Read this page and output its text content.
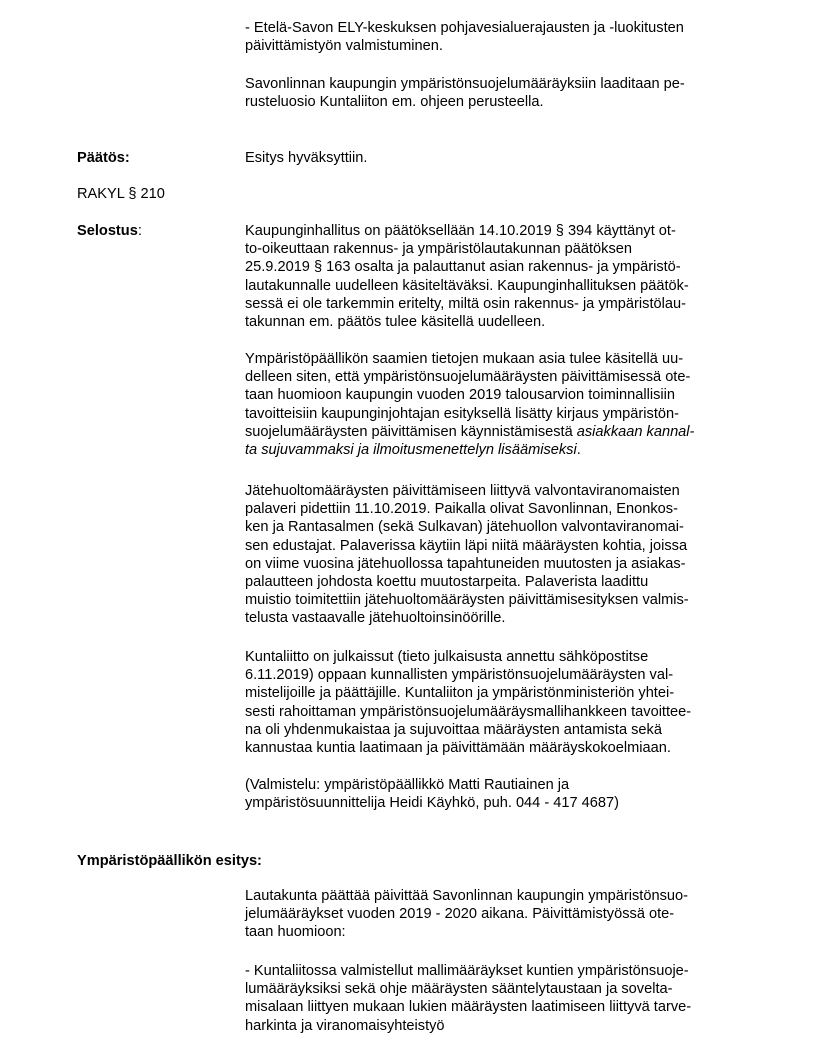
- Etelä-Savon ELY-keskuksen pohjavesialuerajausten ja -luokitusten
päivittämistyön valmistuminen.
Savonlinnan kaupungin ympäristönsuojelumääräyksiin laaditaan pe-
rusteluosio Kuntaliiton em. ohjeen perusteella.
Päätös:	Esitys hyväksyttiin.
RAKYL § 210
Selostus:	Kaupunginhallitus on päätöksellään 14.10.2019 § 394 käyttänyt ot-
to-oikeuttaan rakennus- ja ympäristölautakunnan päätöksen
25.9.2019 § 163 osalta ja palauttanut asian rakennus- ja ympäristö-
lautakunnalle uudelleen käsiteltäväksi. Kaupunginhallituksen päätök-
sessä ei ole tarkemmin eritelty, miltä osin rakennus- ja ympäristölau-
takunnan em. päätös tulee käsitellä uudelleen.
Ympäristöpäällikön saamien tietojen mukaan asia tulee käsitellä uu-
delleen siten, että ympäristönsuojelumääräysten päivittämisessä ote-
taan huomioon kaupungin vuoden 2019 talousarvion toiminnallisiin
tavoitteisiin kaupunginjohtajan esityksellä lisätty kirjaus ympäristön-
suojelumääräysten päivittämisen käynnistämisestä asiakkaan kannal-
ta sujuvammaksi ja ilmoitusmenettelyn lisäämiseksi.
Jätehuoltomääräysten päivittämiseen liittyvä valvontaviranomaisten
palaveri pidettiin 11.10.2019. Paikalla olivat Savonlinnan, Enonkos-
ken ja Rantasalmen (sekä Sulkavan) jätehuollon valvontaviranomai-
sen edustajat. Palaverissa käytiin läpi niitä määräysten kohtia, joissa
on viime vuosina jätehuollossa tapahtuneiden muutosten ja asiakas-
palautteen johdosta koettu muutostarpeita. Palaverista laadittu
muistio toimitettiin jätehuoltomääräysten päivittämisesityksen valmis-
telusta vastaavalle jätehuoltoinsinöörille.
Kuntaliitto on julkaissut (tieto julkaisusta annettu sähköpostitse
6.11.2019) oppaan kunnallisten ympäristönsuojelumääräysten val-
mistelijoille ja päättäjille. Kuntaliiton ja ympäristönministeriön yhtei-
sesti rahoittaman ympäristönsuojelumääräysmallihankkeen tavoittee-
na oli yhdenmukaistaa ja sujuvoittaa määräysten antamista sekä
kannustaa kuntia laatimaan ja päivittämään määräyskokoelmiaan.
(Valmistelu: ympäristöpäällikkö Matti Rautiainen ja
ympäristösuunnittelija Heidi Käyhkö, puh. 044 - 417 4687)
Ympäristöpäällikön esitys:
Lautakunta päättää päivittää Savonlinnan kaupungin ympäristönsuo-
jelumääräykset vuoden 2019 - 2020 aikana. Päivittämistyössä ote-
taan huomioon:
- Kuntaliitossa valmistellut mallimääräykset kuntien ympäristönsuoje-
lumääräyksiksi sekä ohje määräysten sääntelytaustaan ja sovelta-
misalaan liittyen mukaan lukien määräysten laatimiseen liittyvä tarve-
harkinta ja viranomaisyhteistyö
